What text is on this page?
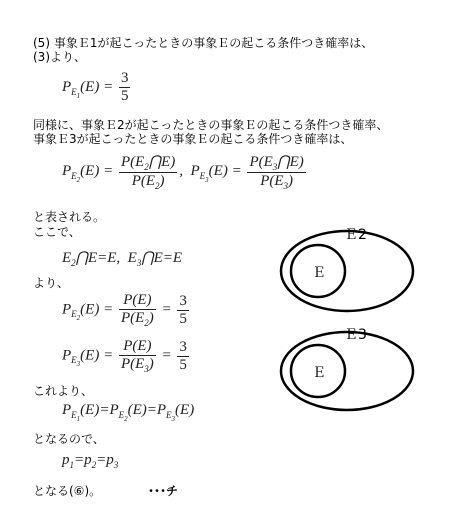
(5) 事象Ｅ1が起こったときの事象Ｅの起こる条件つき確率は、
(3)より、
$P_{E_1}(E) = \frac{3}{5}$
同様に、事象Ｅ2が起こったときの事象Ｅの起こる条件つき確率、
事象Ｅ3が起こったときの事象Ｅの起こる条件つき確率は、
$P_{E_2}(E) = \frac{P(E_2⋂E)}{P(E_2)}$ ,  $P_{E_3}(E) = \frac{P(E_3⋂E)}{P(E_3)}$
と表される。
ここで、
$E_2⋂E=E$,  $E_3⋂E=E$
より、
$P_{E_2}(E) = \frac{P(E)}{P(E_2)} = \frac{3}{5}$
$P_{E_3}(E) = \frac{P(E)}{P(E_3)} = \frac{3}{5}$
これより、
$P_{E_1}(E)=P_{E_2}(E)=P_{E_3}(E)$
となるので、
$p_1=p_2=p_3$
となる(⑥)。	･･･チ
Ｅ2
Ｅ
Ｅ3
Ｅ
